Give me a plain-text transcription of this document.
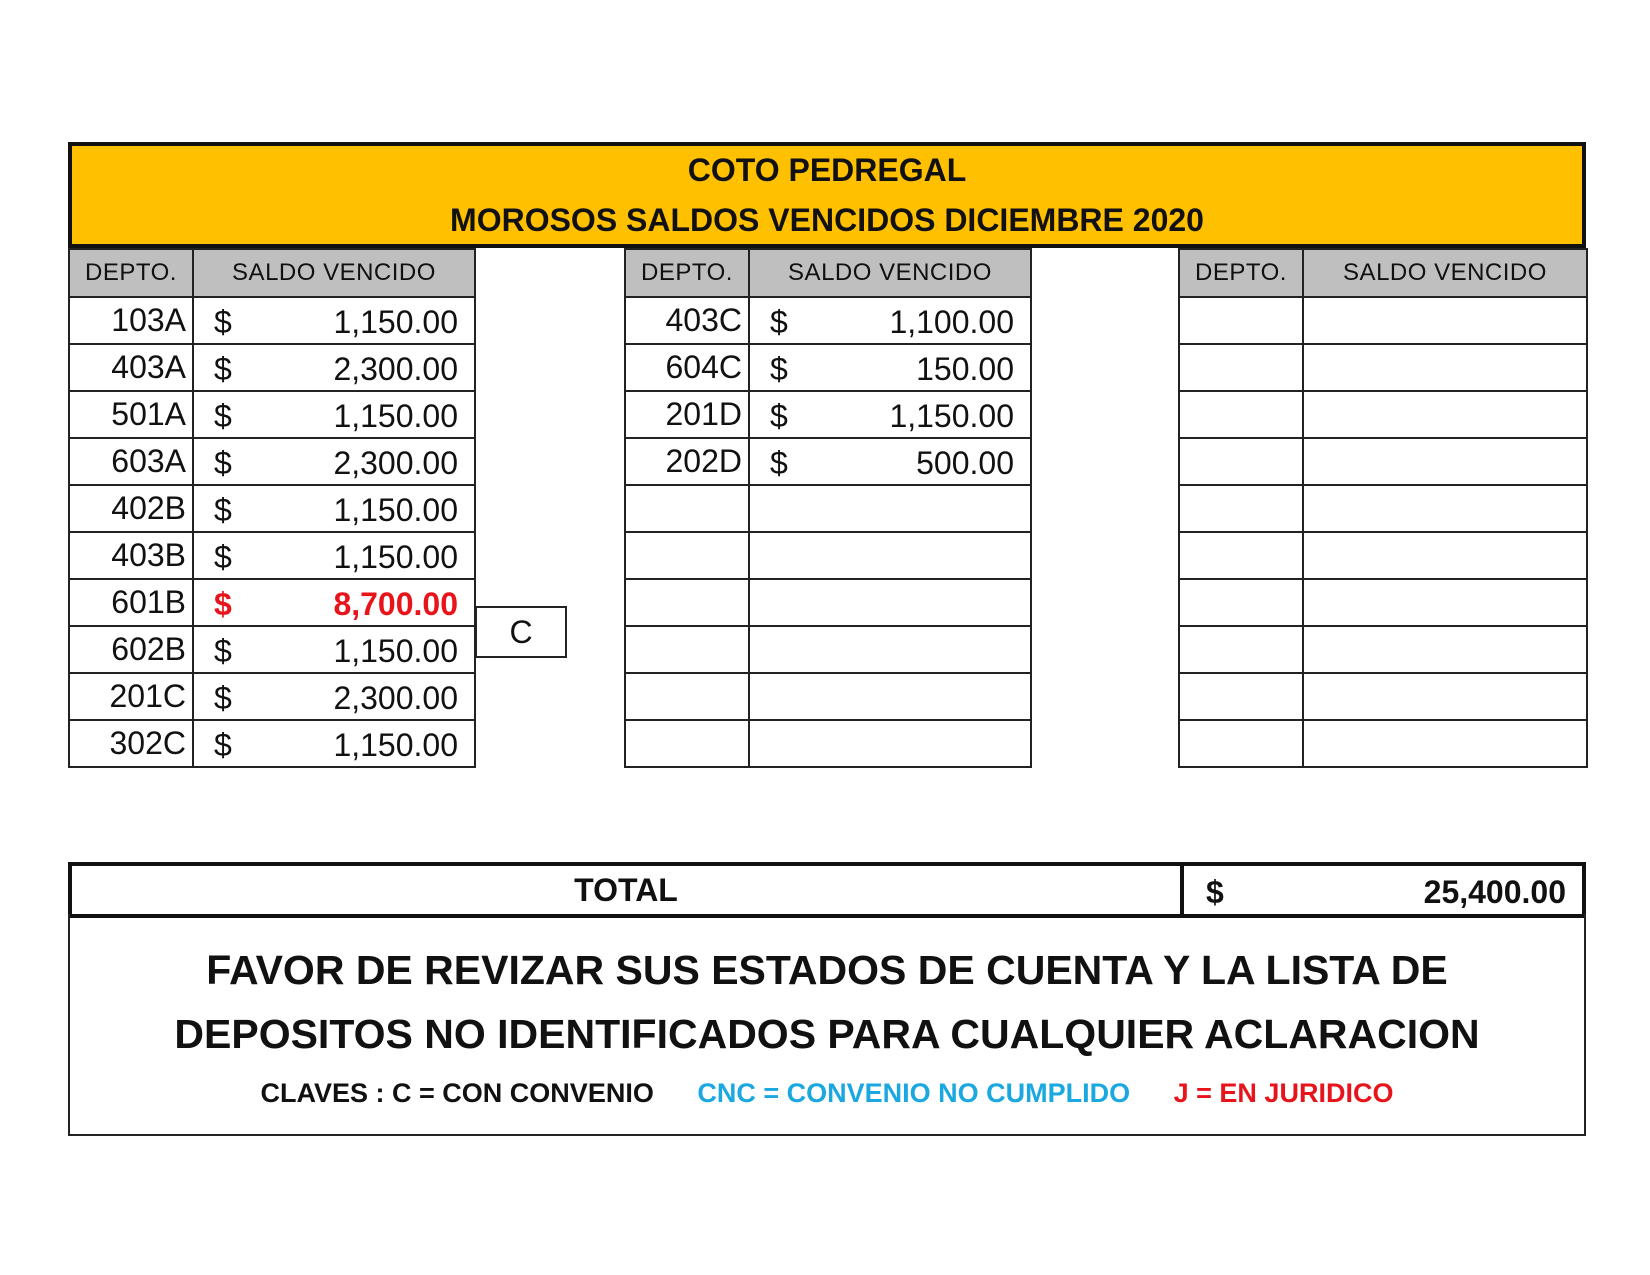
COTO PEDREGAL
MOROSOS SALDOS VENCIDOS DICIEMBRE 2020
DEPTO.	SALDO VENCIDO
103A	$ 1,150.00

403A	$ 2,300.00

501A	$ 1,150.00

603A	$ 2,300.00

402B	$ 1,150.00

403B	$ 1,150.00

601B	$ 8,700.00

602B	$ 1,150.00

201C	$ 2,300.00

302C	$ 1,150.00
DEPTO.	SALDO VENCIDO
403C	$ 1,100.00

604C	$ 150.00

201D	$ 1,150.00

202D	$ 500.00

DEPTO.	SALDO VENCIDO

C
TOTAL	$	25,400.00
FAVOR DE REVIZAR SUS ESTADOS DE CUENTA Y LA LISTA DE
DEPOSITOS NO IDENTIFICADOS PARA CUALQUIER ACLARACION
CLAVES : C = CON CONVENIO CNC = CONVENIO NO CUMPLIDO J = EN JURIDICO
